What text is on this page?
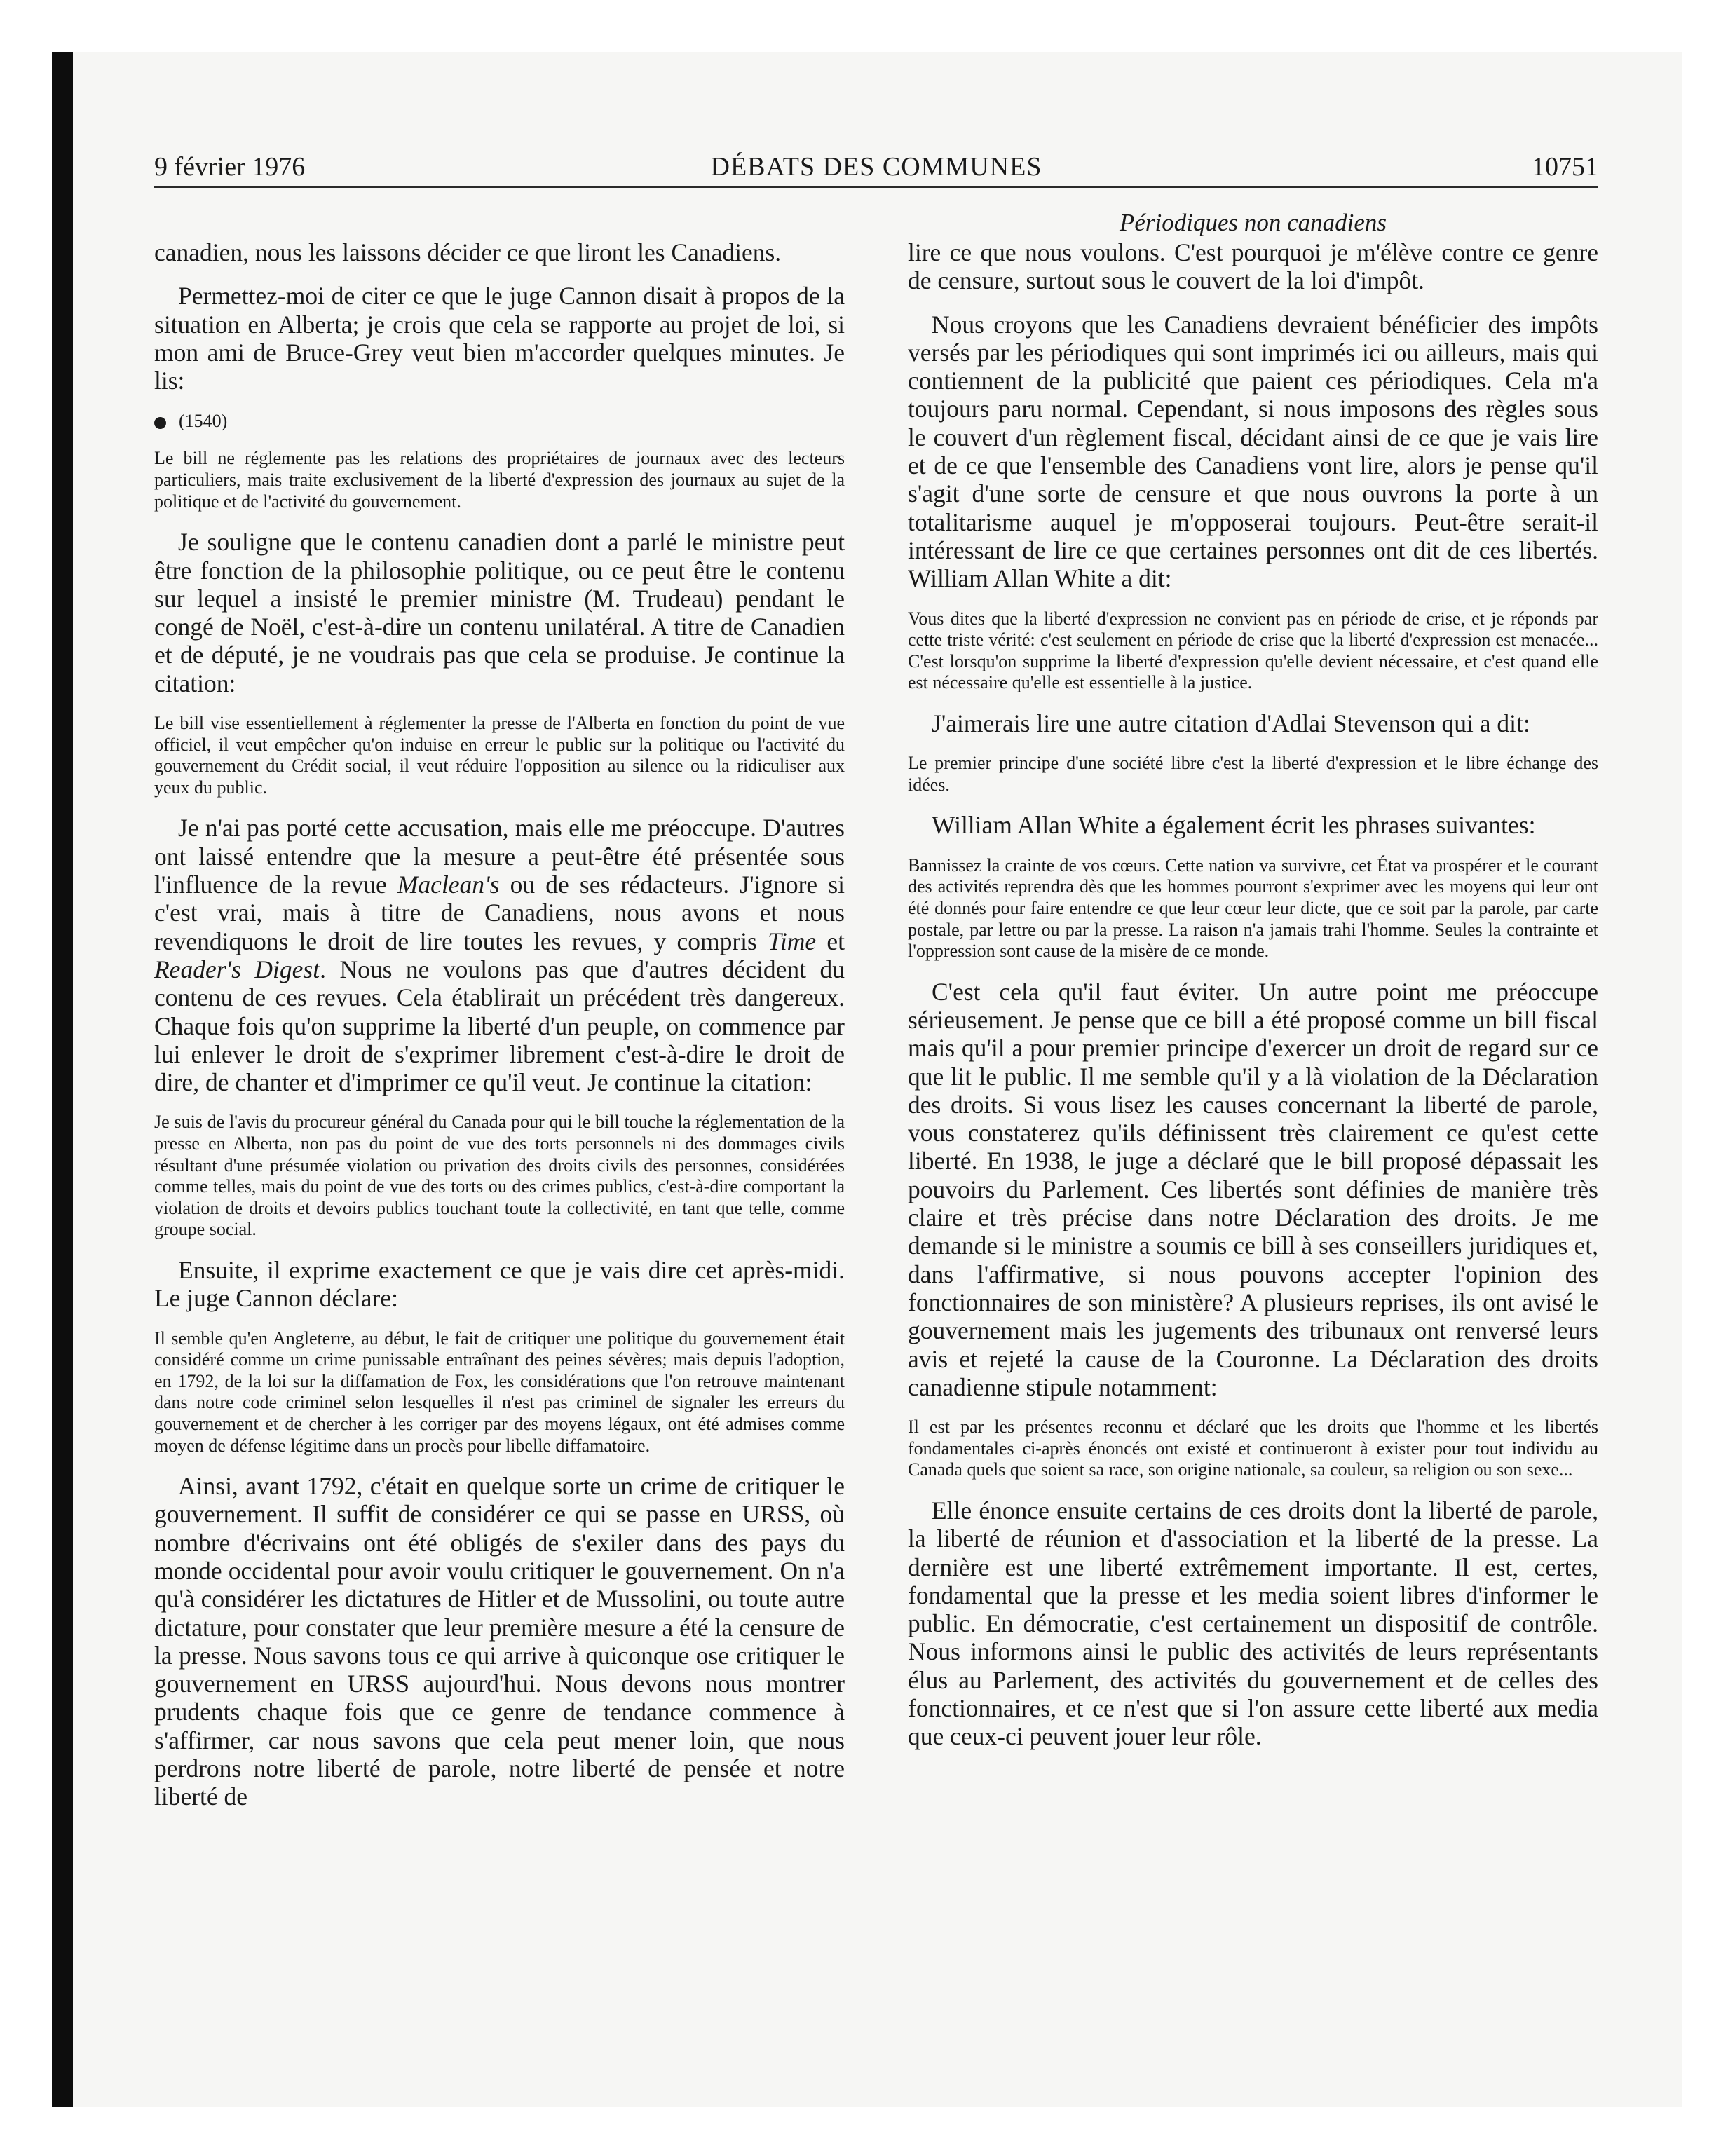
9 février 1976	DÉBATS DES COMMUNES	10751

canadien, nous les laissons décider ce que liront les Canadiens.

Permettez-moi de citer ce que le juge Cannon disait à propos de la situation en Alberta; je crois que cela se rapporte au projet de loi, si mon ami de Bruce-Grey veut bien m'accorder quelques minutes. Je lis:

(1540)

Le bill ne réglemente pas les relations des propriétaires de journaux avec des lecteurs particuliers, mais traite exclusivement de la liberté d'expression des journaux au sujet de la politique et de l'activité du gouvernement.

Je souligne que le contenu canadien dont a parlé le ministre peut être fonction de la philosophie politique, ou ce peut être le contenu sur lequel a insisté le premier ministre (M. Trudeau) pendant le congé de Noël, c'est-à-dire un contenu unilatéral. A titre de Canadien et de député, je ne voudrais pas que cela se produise. Je continue la citation:

Le bill vise essentiellement à réglementer la presse de l'Alberta en fonction du point de vue officiel, il veut empêcher qu'on induise en erreur le public sur la politique ou l'activité du gouvernement du Crédit social, il veut réduire l'opposition au silence ou la ridiculiser aux yeux du public.

Je n'ai pas porté cette accusation, mais elle me préoccupe. D'autres ont laissé entendre que la mesure a peut-être été présentée sous l'influence de la revue Maclean's ou de ses rédacteurs. J'ignore si c'est vrai, mais à titre de Canadiens, nous avons et nous revendiquons le droit de lire toutes les revues, y compris Time et Reader's Digest. Nous ne voulons pas que d'autres décident du contenu de ces revues. Cela établirait un précédent très dangereux. Chaque fois qu'on supprime la liberté d'un peuple, on commence par lui enlever le droit de s'exprimer librement c'est-à-dire le droit de dire, de chanter et d'imprimer ce qu'il veut. Je continue la citation:

Je suis de l'avis du procureur général du Canada pour qui le bill touche la réglementation de la presse en Alberta, non pas du point de vue des torts personnels ni des dommages civils résultant d'une présumée violation ou privation des droits civils des personnes, considérées comme telles, mais du point de vue des torts ou des crimes publics, c'est-à-dire comportant la violation de droits et devoirs publics touchant toute la collectivité, en tant que telle, comme groupe social.

Ensuite, il exprime exactement ce que je vais dire cet après-midi. Le juge Cannon déclare:

Il semble qu'en Angleterre, au début, le fait de critiquer une politique du gouvernement était considéré comme un crime punissable entraînant des peines sévères; mais depuis l'adoption, en 1792, de la loi sur la diffamation de Fox, les considérations que l'on retrouve maintenant dans notre code criminel selon lesquelles il n'est pas criminel de signaler les erreurs du gouvernement et de chercher à les corriger par des moyens légaux, ont été admises comme moyen de défense légitime dans un procès pour libelle diffamatoire.

Ainsi, avant 1792, c'était en quelque sorte un crime de critiquer le gouvernement. Il suffit de considérer ce qui se passe en URSS, où nombre d'écrivains ont été obligés de s'exiler dans des pays du monde occidental pour avoir voulu critiquer le gouvernement. On n'a qu'à considérer les dictatures de Hitler et de Mussolini, ou toute autre dictature, pour constater que leur première mesure a été la censure de la presse. Nous savons tous ce qui arrive à quiconque ose critiquer le gouvernement en URSS aujourd'hui. Nous devons nous montrer prudents chaque fois que ce genre de tendance commence à s'affirmer, car nous savons que cela peut mener loin, que nous perdrons notre liberté de parole, notre liberté de pensée et notre liberté de

Périodiques non canadiens

lire ce que nous voulons. C'est pourquoi je m'élève contre ce genre de censure, surtout sous le couvert de la loi d'impôt.

Nous croyons que les Canadiens devraient bénéficier des impôts versés par les périodiques qui sont imprimés ici ou ailleurs, mais qui contiennent de la publicité que paient ces périodiques. Cela m'a toujours paru normal. Cependant, si nous imposons des règles sous le couvert d'un règlement fiscal, décidant ainsi de ce que je vais lire et de ce que l'ensemble des Canadiens vont lire, alors je pense qu'il s'agit d'une sorte de censure et que nous ouvrons la porte à un totalitarisme auquel je m'opposerai toujours. Peut-être serait-il intéressant de lire ce que certaines personnes ont dit de ces libertés. William Allan White a dit:

Vous dites que la liberté d'expression ne convient pas en période de crise, et je réponds par cette triste vérité: c'est seulement en période de crise que la liberté d'expression est menacée... C'est lorsqu'on supprime la liberté d'expression qu'elle devient nécessaire, et c'est quand elle est nécessaire qu'elle est essentielle à la justice.

J'aimerais lire une autre citation d'Adlai Stevenson qui a dit:

Le premier principe d'une société libre c'est la liberté d'expression et le libre échange des idées.

William Allan White a également écrit les phrases suivantes:

Bannissez la crainte de vos cœurs. Cette nation va survivre, cet État va prospérer et le courant des activités reprendra dès que les hommes pourront s'exprimer avec les moyens qui leur ont été donnés pour faire entendre ce que leur cœur leur dicte, que ce soit par la parole, par carte postale, par lettre ou par la presse. La raison n'a jamais trahi l'homme. Seules la contrainte et l'oppression sont cause de la misère de ce monde.

C'est cela qu'il faut éviter. Un autre point me préoccupe sérieusement. Je pense que ce bill a été proposé comme un bill fiscal mais qu'il a pour premier principe d'exercer un droit de regard sur ce que lit le public. Il me semble qu'il y a là violation de la Déclaration des droits. Si vous lisez les causes concernant la liberté de parole, vous constaterez qu'ils définissent très clairement ce qu'est cette liberté. En 1938, le juge a déclaré que le bill proposé dépassait les pouvoirs du Parlement. Ces libertés sont définies de manière très claire et très précise dans notre Déclaration des droits. Je me demande si le ministre a soumis ce bill à ses conseillers juridiques et, dans l'affirmative, si nous pouvons accepter l'opinion des fonctionnaires de son ministère? A plusieurs reprises, ils ont avisé le gouvernement mais les jugements des tribunaux ont renversé leurs avis et rejeté la cause de la Couronne. La Déclaration des droits canadienne stipule notamment:

Il est par les présentes reconnu et déclaré que les droits que l'homme et les libertés fondamentales ci-après énoncés ont existé et continueront à exister pour tout individu au Canada quels que soient sa race, son origine nationale, sa couleur, sa religion ou son sexe...

Elle énonce ensuite certains de ces droits dont la liberté de parole, la liberté de réunion et d'association et la liberté de la presse. La dernière est une liberté extrêmement importante. Il est, certes, fondamental que la presse et les media soient libres d'informer le public. En démocratie, c'est certainement un dispositif de contrôle. Nous informons ainsi le public des activités de leurs représentants élus au Parlement, des activités du gouvernement et de celles des fonctionnaires, et ce n'est que si l'on assure cette liberté aux media que ceux-ci peuvent jouer leur rôle.
